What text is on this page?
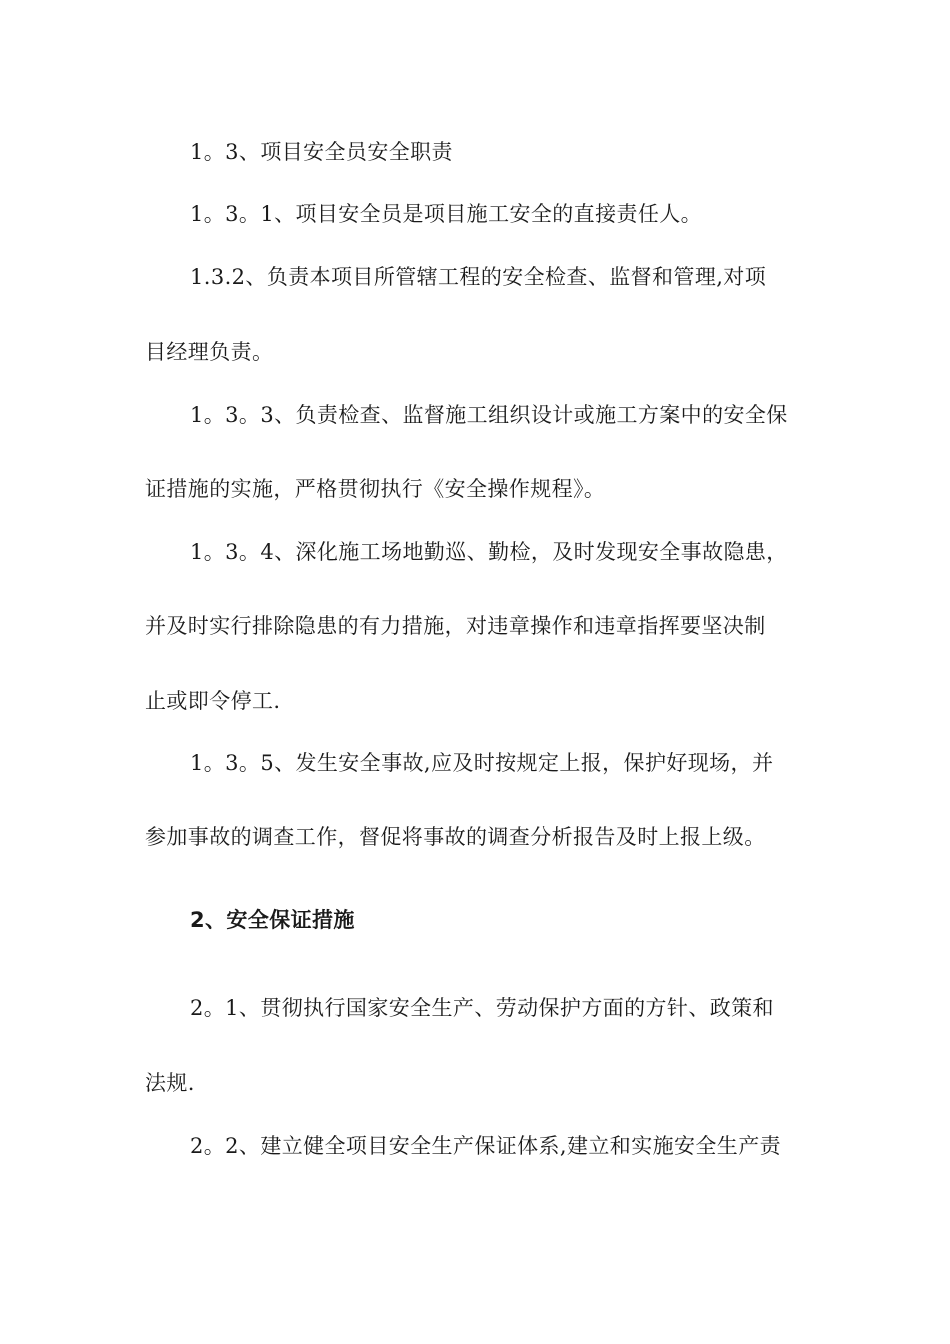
1。3、项目安全员安全职责
1。3。1、项目安全员是项目施工安全的直接责任人。
1.3.2、负责本项目所管辖工程的安全检查、监督和管理,对项
目经理负责。
1。3。3、负责检查、监督施工组织设计或施工方案中的安全保
证措施的实施，严格贯彻执行《安全操作规程》。
1。3。4、深化施工场地勤巡、勤检，及时发现安全事故隐患，
并及时实行排除隐患的有力措施，对违章操作和违章指挥要坚决制
止或即令停工.
1。3。5、发生安全事故,应及时按规定上报，保护好现场，并
参加事故的调查工作，督促将事故的调查分析报告及时上报上级。
2、安全保证措施
2。1、贯彻执行国家安全生产、劳动保护方面的方针、政策和
法规.
2。2、建立健全项目安全生产保证体系,建立和实施安全生产责
